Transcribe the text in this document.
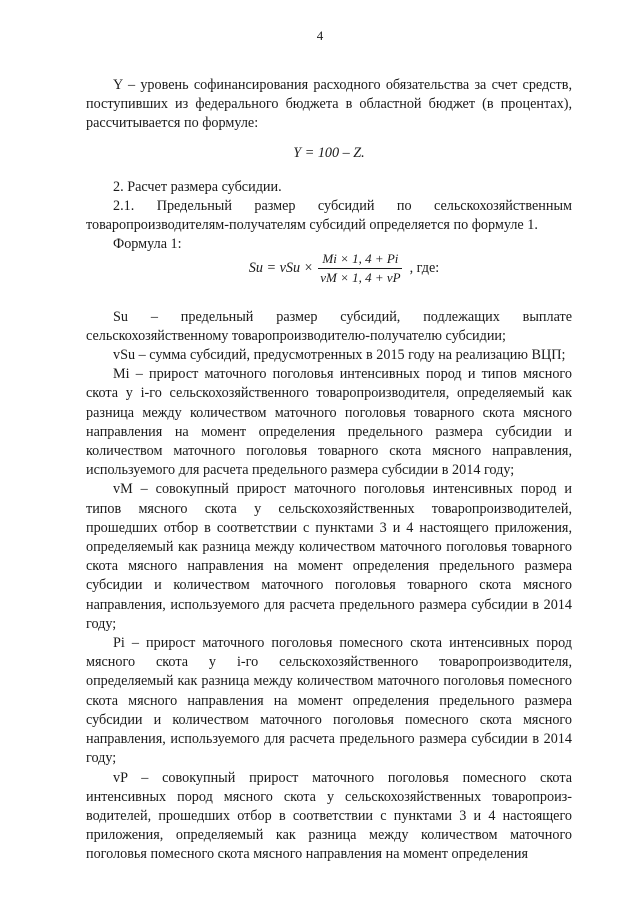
4

Y – уровень софинансирования расходного обязательства за счет средств, поступивших из федерального бюджета в областной бюджет (в процентах), рассчитывается по формуле:

Y = 100 – Z.

2. Расчет размера субсидии.

2.1. Предельный размер субсидий по сельскохозяйственным товаропроизводителям-получателям субсидий определяется по формуле 1.

Формула 1:

Su = vSu × $\frac{Mi \times 1, 4 + Pi}{vM \times 1, 4 + vP}$ , где:

Su – предельный размер субсидий, подлежащих выплате сельскохозяйственному товаропроизводителю-получателю субсидии;

vSu – сумма субсидий, предусмотренных в 2015 году на реализацию ВЦП;

Mi – прирост маточного поголовья интенсивных пород и типов мясного скота у i-го сельскохозяйственного товаропроизводителя, определяемый как разница между количеством маточного поголовья товарного скота мясного направления на момент определения предельного размера субсидии и количеством маточного поголовья товарного скота мясного направления, используемого для расчета предельного размера субсидии в 2014 году;

vM – совокупный прирост маточного поголовья интенсивных пород и типов мясного скота у сельскохозяйственных товаропроизводителей, прошедших отбор в соответствии с пунктами 3 и 4 настоящего приложения, определяемый как разница между количеством маточного поголовья товарного скота мясного направления на момент определения предельного размера субсидии и количеством маточного поголовья товарного скота мясного направления, используемого для расчета предельного размера субсидии в 2014 году;

Pi – прирост маточного поголовья помесного скота интенсивных пород мясного скота у i-го сельскохозяйственного товаропроизводителя, определяемый как разница между количеством маточного поголовья помесного скота мясного направления на момент определения предельного размера субсидии и количеством маточного поголовья помесного скота мясного направления, используемого для расчета предельного размера субсидии в 2014 году;

vP – совокупный прирост маточного поголовья помесного скота интенсивных пород мясного скота у сельскохозяйственных товаропроиз-водителей, прошедших отбор в соответствии с пунктами 3 и 4 настоящего приложения, определяемый как разница между количеством маточного поголовья помесного скота мясного направления на момент определения
